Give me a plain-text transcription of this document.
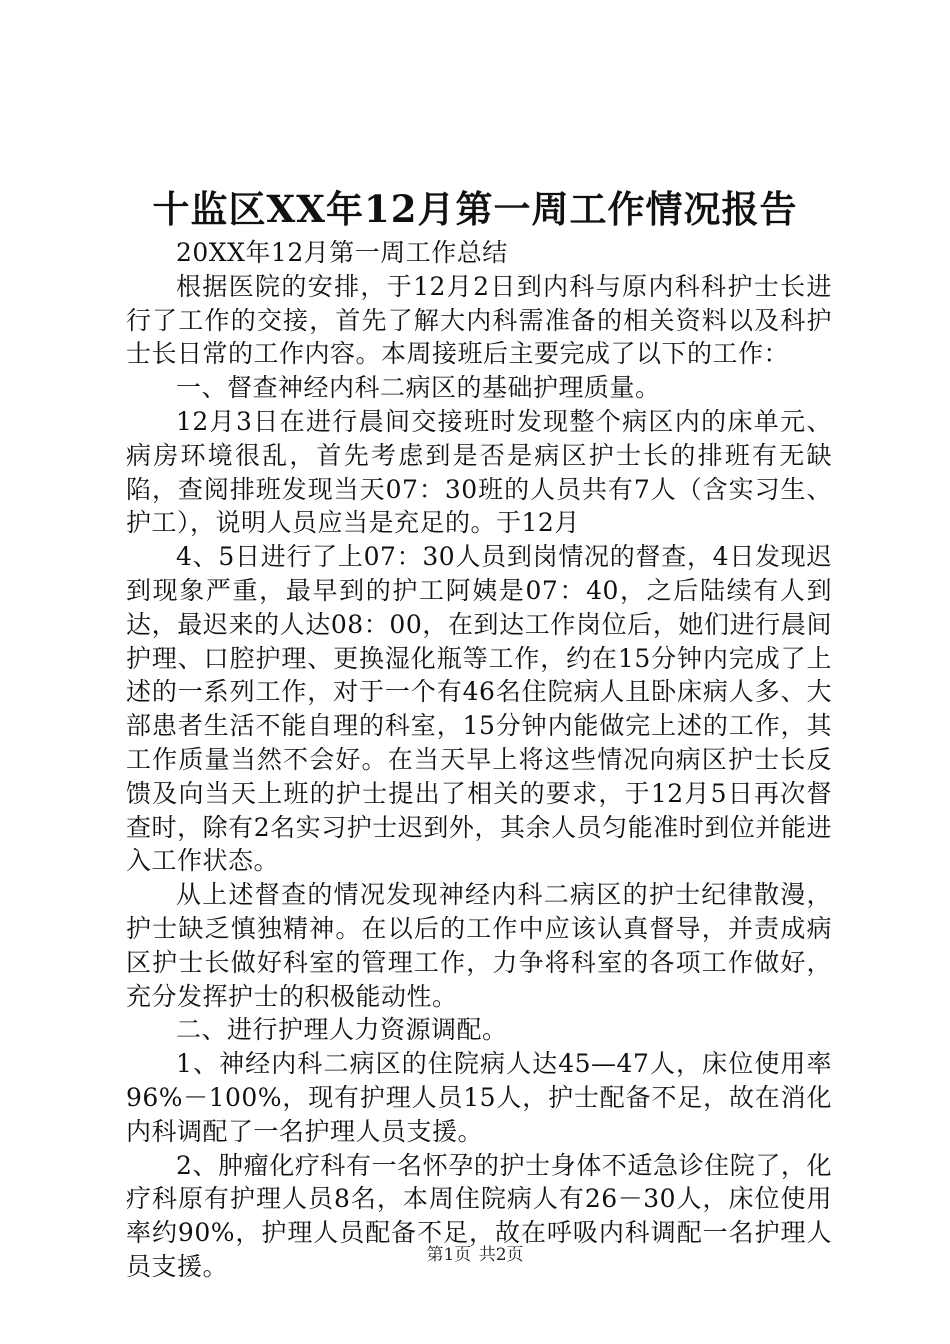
十监区XX年12月第一周工作情况报告

20XX年12月第一周工作总结

根据医院的安排，于12月2日到内科与原内科科护士长进行了工作的交接，首先了解大内科需准备的相关资料以及科护士长日常的工作内容。本周接班后主要完成了以下的工作：

一、督查神经内科二病区的基础护理质量。

12月3日在进行晨间交接班时发现整个病区内的床单元、病房环境很乱，首先考虑到是否是病区护士长的排班有无缺陷，查阅排班发现当天07：30班的人员共有7人（含实习生、护工），说明人员应当是充足的。于12月

4、5日进行了上07：30人员到岗情况的督查，4日发现迟到现象严重，最早到的护工阿姨是07：40，之后陆续有人到达，最迟来的人达08：00，在到达工作岗位后，她们进行晨间护理、口腔护理、更换湿化瓶等工作，约在15分钟内完成了上述的一系列工作，对于一个有46名住院病人且卧床病人多、大部患者生活不能自理的科室，15分钟内能做完上述的工作，其工作质量当然不会好。在当天早上将这些情况向病区护士长反馈及向当天上班的护士提出了相关的要求，于12月5日再次督查时，除有2名实习护士迟到外，其余人员匀能准时到位并能进入工作状态。

从上述督查的情况发现神经内科二病区的护士纪律散漫，护士缺乏慎独精神。在以后的工作中应该认真督导，并责成病区护士长做好科室的管理工作，力争将科室的各项工作做好，充分发挥护士的积极能动性。

二、进行护理人力资源调配。

1、神经内科二病区的住院病人达45—47人，床位使用率96%－100%，现有护理人员15人，护士配备不足，故在消化内科调配了一名护理人员支援。

2、肿瘤化疗科有一名怀孕的护士身体不适急诊住院了，化疗科原有护理人员8名，本周住院病人有26－30人，床位使用率约90%，护理人员配备不足，故在呼吸内科调配一名护理人员支援。	第1页 共2页
